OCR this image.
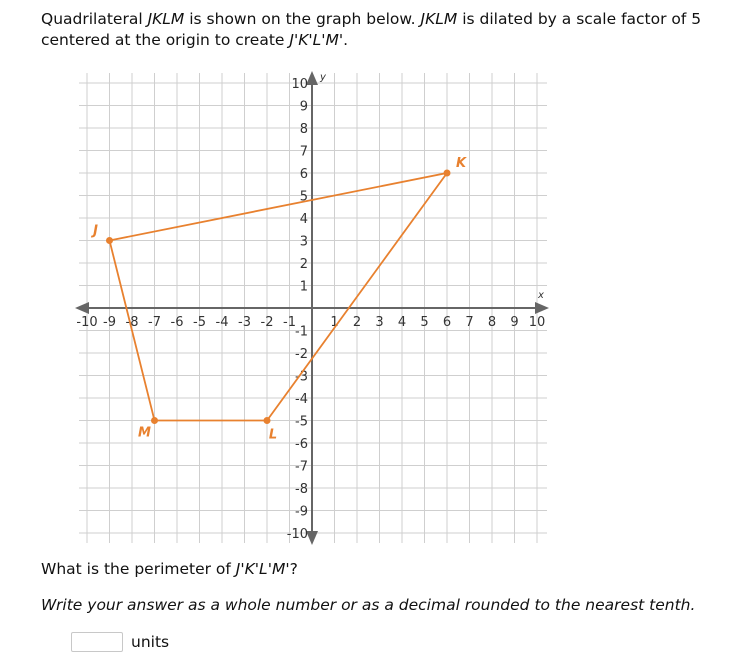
Quadrilateral JKLM is shown on the graph below. JKLM is dilated by a scale factor of 5
centered at the origin to create J'K'L'M'.
x
y
-10 -9 -8 -7 -6 -5 -4 -3 -2 -1	1 2 3 4 5 6 7 8 9 10
10
9
8
7
6
5
4
3
2
1
-1
-2
-3
-4
-5
-6
-7
-8
-9
-10
J
K
L
M
What is the perimeter of J'K'L'M'?
Write your answer as a whole number or as a decimal rounded to the nearest tenth.
units
